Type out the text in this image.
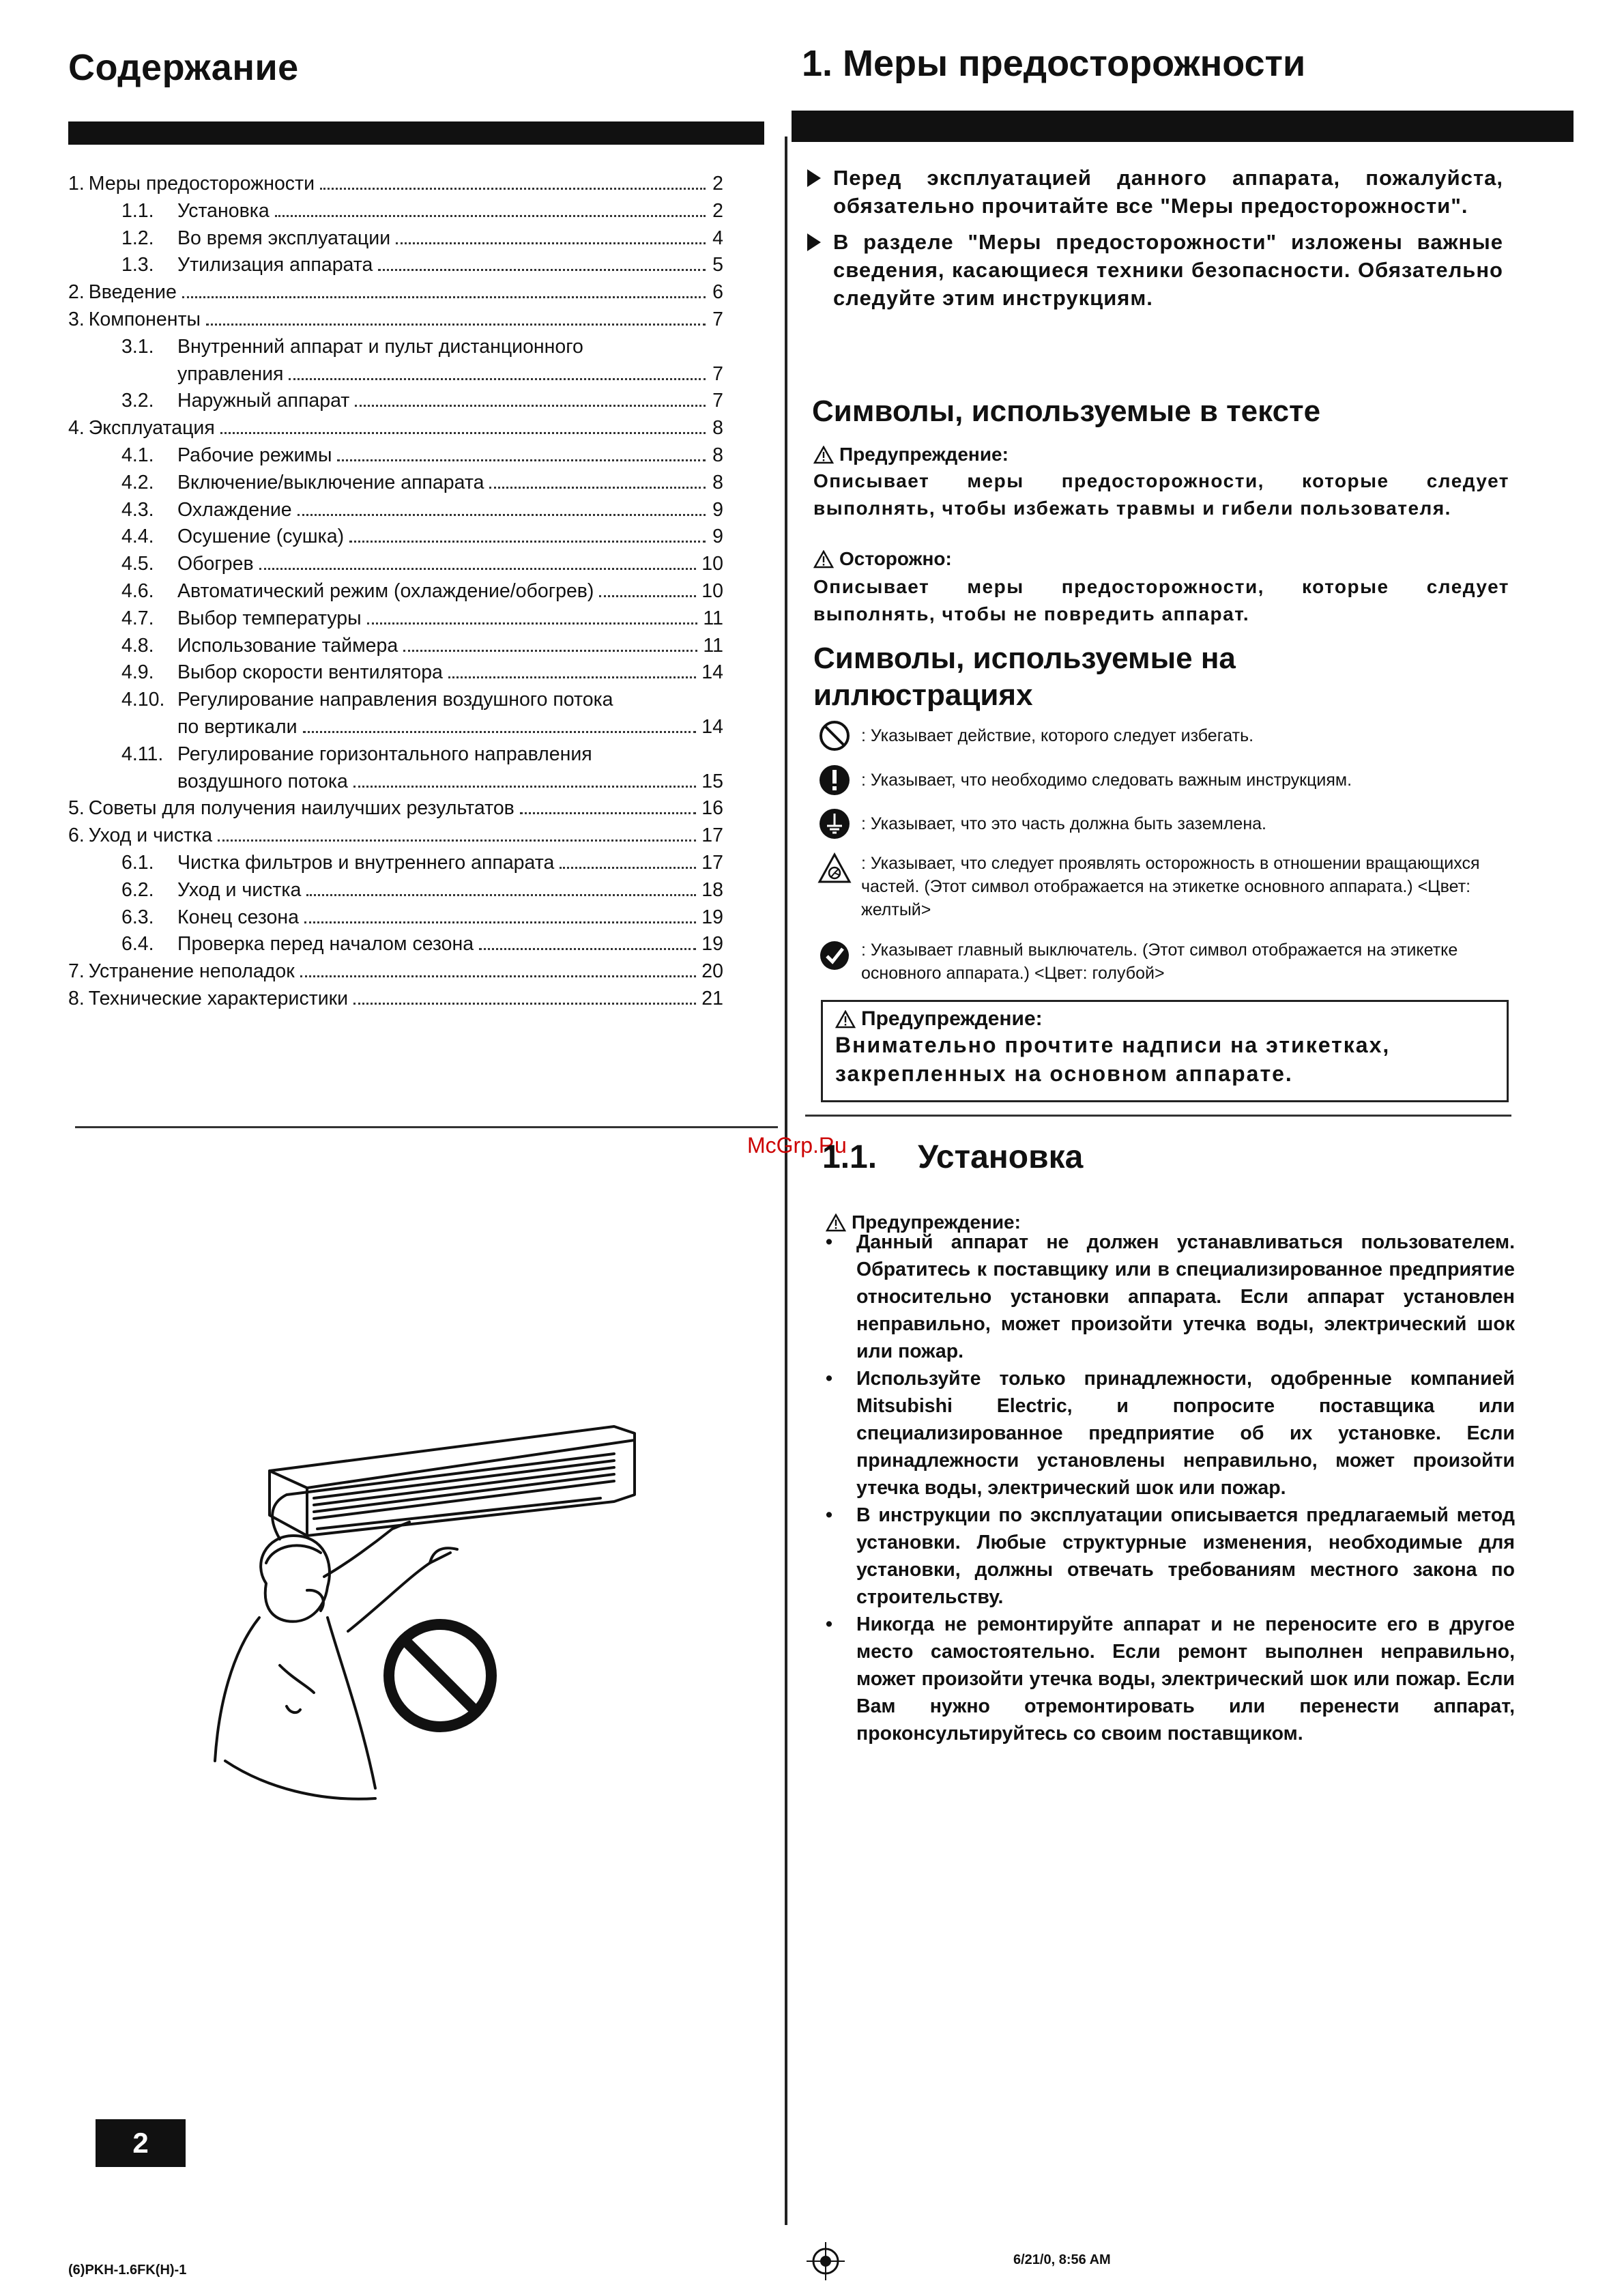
Содержание	1. Меры предосторожности
1. Меры предосторожности	2
1.1.	Установка	2
1.2.	Во время эксплуатации	4
1.3.	Утилизация аппарата	5
2. Введение	6
3. Компоненты	7
3.1.	Внутренний аппарат и пульт дистанционного
управления	7
3.2.	Наружный аппарат	7
4. Эксплуатация	8
4.1.	Рабочие режимы	8
4.2.	Включение/выключение аппарата	8
4.3.	Охлаждение	9
4.4.	Осушение (сушка)	9
4.5.	Обогрев	10
4.6.	Автоматический режим (охлаждение/обогрев)	10
4.7.	Выбор температуры	11
4.8.	Использование таймера	11
4.9.	Выбор скорости вентилятора	14
4.10. Регулирование направления воздушного потока
по вертикали	14
4.11. Регулирование горизонтального направления
воздушного потока	15
5. Советы для получения наилучших результатов	16
6. Уход и чистка	17
6.1.	Чистка фильтров и внутреннего аппарата	17
6.2.	Уход и чистка	18
6.3.	Конец сезона	19
6.4.	Проверка перед началом сезона	19
7. Устранение неполадок	20
8. Технические характеристики	21
Перед эксплуатацией данного аппарата, пожалуйста, обязательно прочитайте все "Меры предосторожности".
В разделе "Меры предосторожности" изложены важные сведения, касающиеся техники безопасности. Обязательно следуйте этим инструкциям.
Символы, используемые в тексте
Предупреждение:
Описывает меры предосторожности, которые следует выполнять, чтобы избежать травмы и гибели пользователя.
Осторожно:
Описывает меры предосторожности, которые следует выполнять, чтобы не повредить аппарат.
Символы, используемые на
иллюстрациях
: Указывает действие, которого следует избегать.
: Указывает, что необходимо следовать важным инструкциям.
: Указывает, что это часть должна быть заземлена.
: Указывает, что следует проявлять осторожность в отношении вращающихся частей. (Этот символ отображается на этикетке основного аппарата.) <Цвет: желтый>
: Указывает главный выключатель. (Этот символ отображается на этикетке основного аппарата.) <Цвет: голубой>
Предупреждение:
Внимательно прочтите надписи на этикетках, закрепленных на основном аппарате.
McGrp.Ru
1.1. Установка
Предупреждение:
•	Данный аппарат не должен устанавливаться пользователем. Обратитесь к поставщику или в специализированное предприятие относительно установки аппарата. Если аппарат установлен неправильно, может произойти утечка воды, электрический шок или пожар.
•	Используйте только принадлежности, одобренные компанией Mitsubishi Electric, и попросите поставщика или специализированное предприятие об их установке. Если принадлежности установлены неправильно, может произойти утечка воды, электрический шок или пожар.
•	В инструкции по эксплуатации описывается предлагаемый метод установки. Любые структурные изменения, необходимые для установки, должны отвечать требованиям местного закона по строительству.
•	Никогда не ремонтируйте аппарат и не переносите его в другое место самостоятельно. Если ремонт выполнен неправильно, может произойти утечка воды, электрический шок или пожар. Если Вам нужно отремонтировать или перенести аппарат, проконсультируйтесь со своим поставщиком.
2
(6)PKH-1.6FK(H)-1
6/21/0, 8:56 AM
